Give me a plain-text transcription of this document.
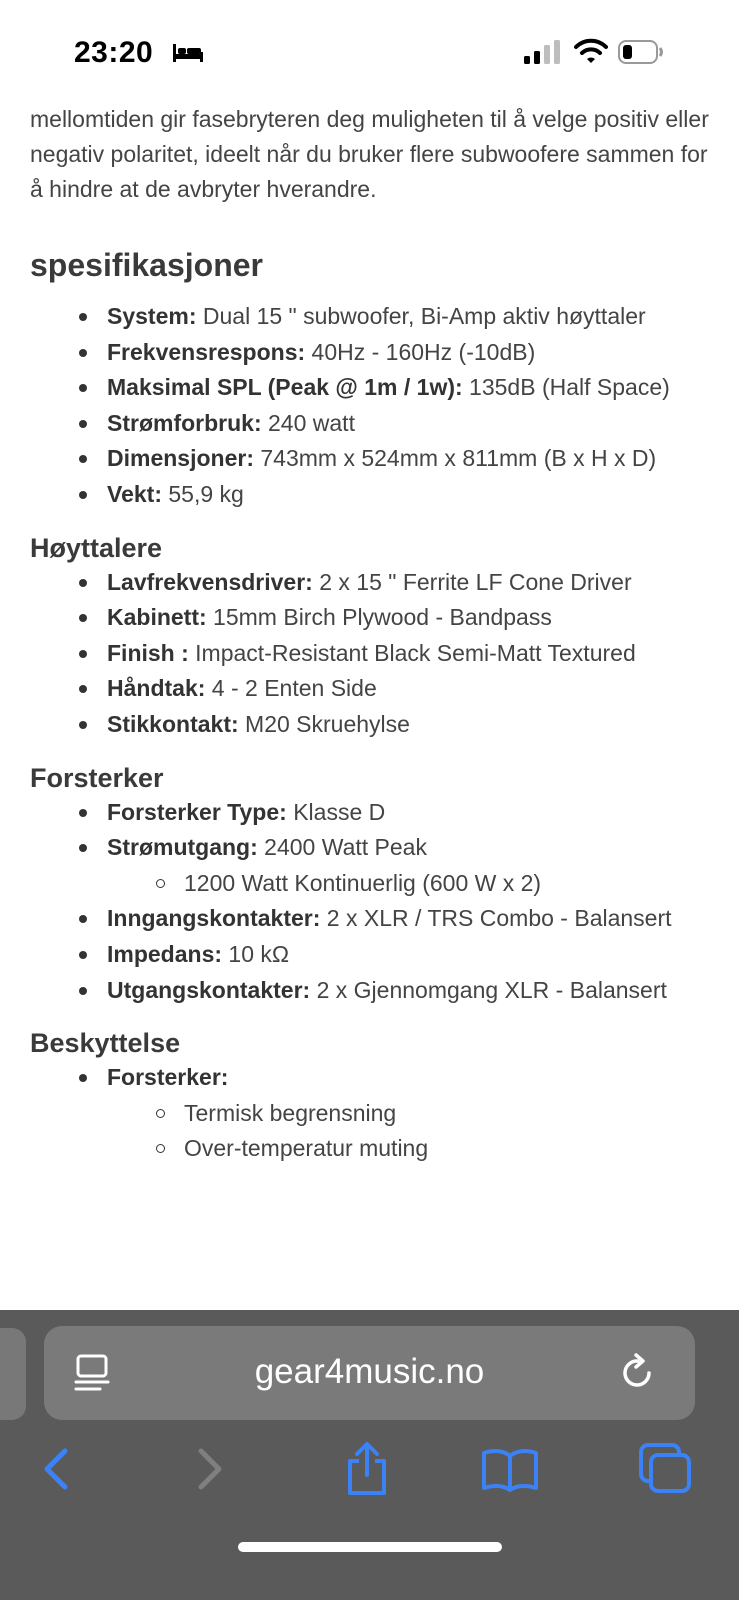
23:20

mellomtiden gir fasebryteren deg muligheten til å velge positiv eller negativ polaritet, ideelt når du bruker flere subwoofere sammen for å hindre at de avbryter hverandre.

spesifikasjoner
System: Dual 15 " subwoofer, Bi-Amp aktiv høyttaler
Frekvensrespons: 40Hz - 160Hz (-10dB)
Maksimal SPL (Peak @ 1m / 1w): 135dB (Half Space)
Strømforbruk: 240 watt
Dimensjoner: 743mm x 524mm x 811mm (B x H x D)
Vekt: 55,9 kg
Høyttalere
Lavfrekvensdriver: 2 x 15 " Ferrite LF Cone Driver
Kabinett: 15mm Birch Plywood - Bandpass
Finish : Impact-Resistant Black Semi-Matt Textured
Håndtak: 4 - 2 Enten Side
Stikkontakt: M20 Skruehylse
Forsterker
Forsterker Type: Klasse D
Strømutgang: 2400 Watt Peak
1200 Watt Kontinuerlig (600 W x 2)
Inngangskontakter: 2 x XLR / TRS Combo - Balansert
Impedans: 10 kΩ
Utgangskontakter: 2 x Gjennomgang XLR - Balansert
Beskyttelse
Forsterker:
Termisk begrensning
Over-temperatur muting
gear4music.no
